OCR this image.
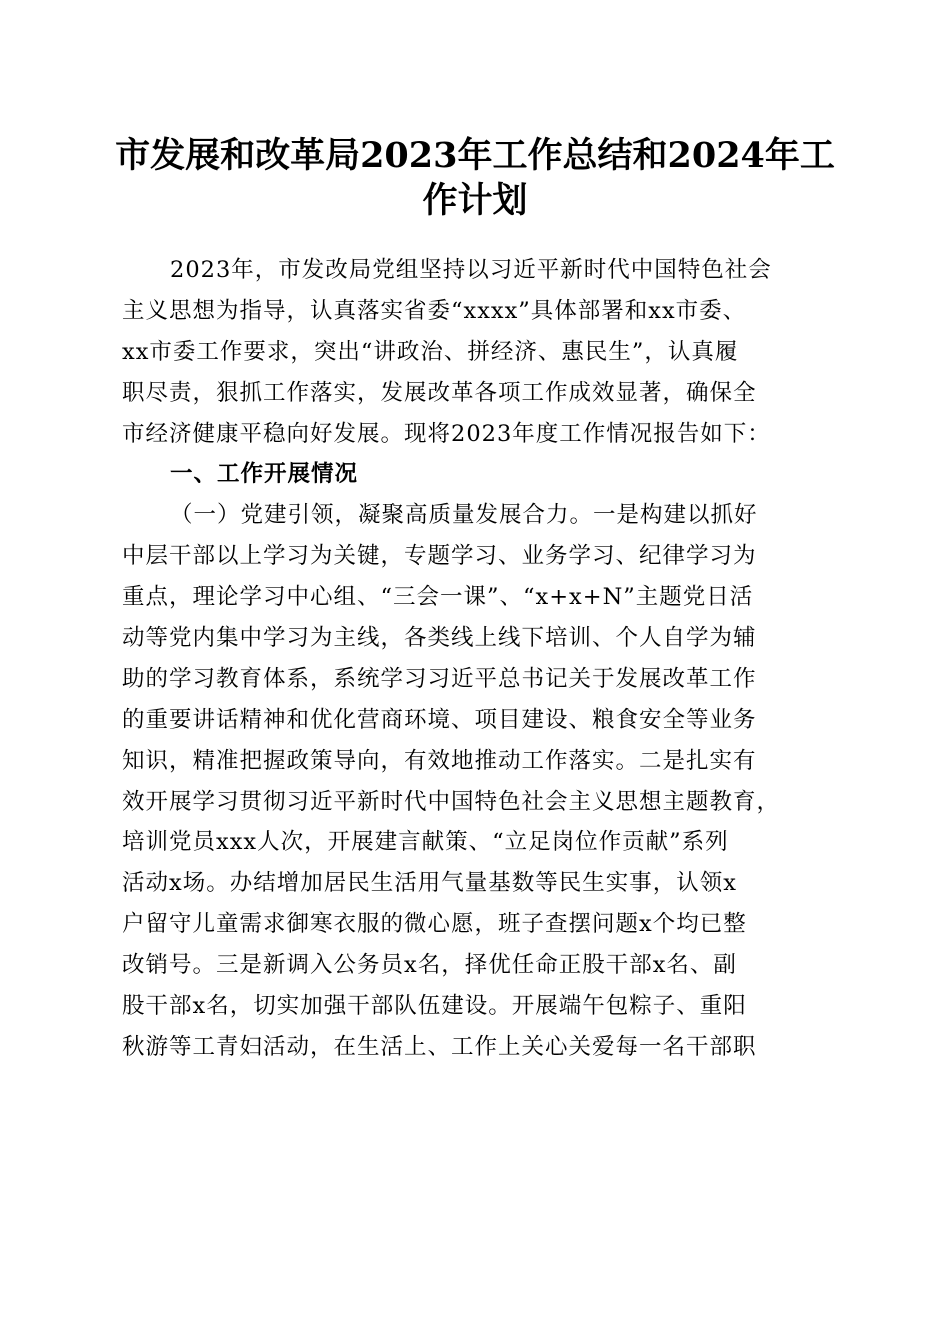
市发展和改革局2023年工作总结和2024年工
作计划
2023年，市发改局党组坚持以习近平新时代中国特色社会
主义思想为指导，认真落实省委“xxxx”具体部署和xx市委、
xx市委工作要求，突出“讲政治、拼经济、惠民生”，认真履
职尽责，狠抓工作落实，发展改革各项工作成效显著，确保全
市经济健康平稳向好发展。现将2023年度工作情况报告如下：
一、工作开展情况
（一）党建引领，凝聚高质量发展合力。一是构建以抓好
中层干部以上学习为关键，专题学习、业务学习、纪律学习为
重点，理论学习中心组、“三会一课”、“x+x+N”主题党日活
动等党内集中学习为主线，各类线上线下培训、个人自学为辅
助的学习教育体系，系统学习习近平总书记关于发展改革工作
的重要讲话精神和优化营商环境、项目建设、粮食安全等业务
知识，精准把握政策导向，有效地推动工作落实。二是扎实有
效开展学习贯彻习近平新时代中国特色社会主义思想主题教育，
培训党员xxx人次，开展建言献策、“立足岗位作贡献”系列
活动x场。办结增加居民生活用气量基数等民生实事，认领x
户留守儿童需求御寒衣服的微心愿，班子查摆问题x个均已整
改销号。三是新调入公务员x名，择优任命正股干部x名、副
股干部x名，切实加强干部队伍建设。开展端午包粽子、重阳
秋游等工青妇活动，在生活上、工作上关心关爱每一名干部职
